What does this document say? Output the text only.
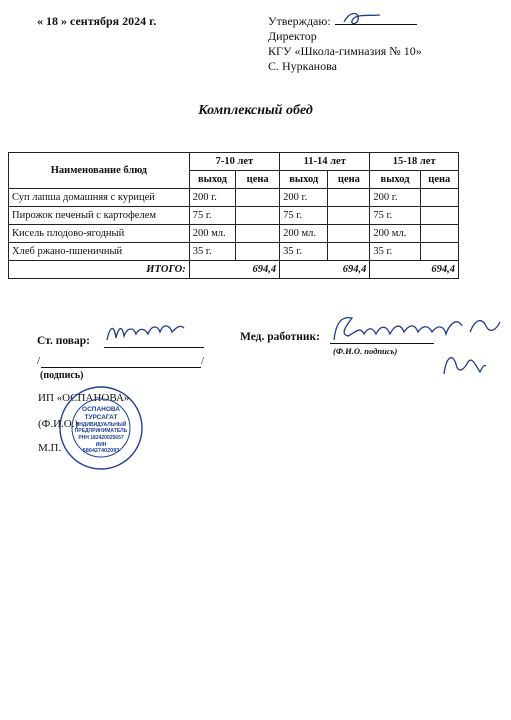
« 18 » сентября 2024 г.	Утверждаю:
Директор
КГУ «Школа-гимназия № 10»
С. Нурканова
Комплексный обед
Наименование блюд	7-10 лет		11-14 лет		15-18 лет	
	выход	цена	выход	цена	выход	цена
Суп лапша домашняя с курицей	200 г.		200 г.		200 г.	
Пирожок печеный с картофелем	75 г.		75 г.		75 г.	
Кисель плодово-ягодный	200 мл.		200 мл.		200 мл.	
Хлеб ржано-пшеничный	35 г.		35 г.		35 г.	
ИТОГО:	694,4		694,4		694,4	
Ст. повар:
/	/
(подпись)
ИП «ОСПАНОВА»
(Ф.И.О.)
М.П.
ОСПАНОВА
ТУРСАГАТ
ИНДИВИДУАЛЬНЫЙ
ПРЕДПРИНИМАТЕЛЬ
РНН 182420025657
ИИН
580427402093
Мед. работник:
(Ф.И.О. подпись)
